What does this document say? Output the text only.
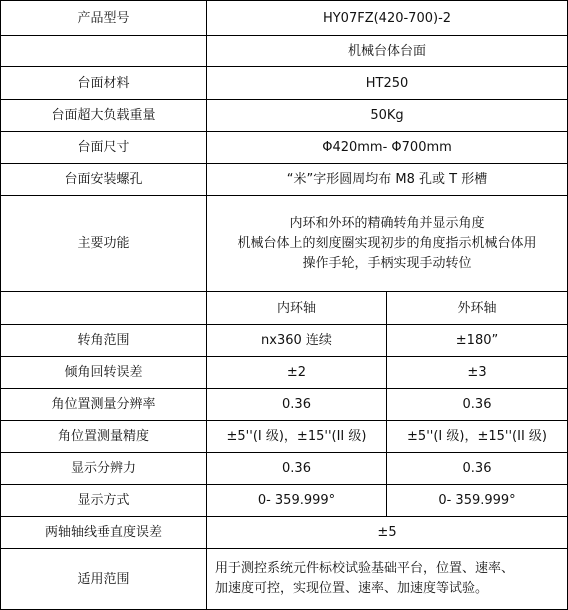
产品型号	HY07FZ(420-700)-2	
	机械台体台面	
台面材料	HT250	
台面超大负载重量	50Kg	
台面尺寸	Φ420mm- Φ700mm	
台面安装螺孔	“米”字形圆周均布 M8 孔或 T 形槽	
主要功能	内环和外环的精确转角并显示角度
机械台体上的刻度圈实现初步的角度指示机械台体用
操作手轮，手柄实现手动转位	

	内环轴	外环轴
转角范围	nx360 连续	±180”
倾角回转误差	±2	±3
角位置测量分辨率	0.36	0.36
角位置测量精度	±5''(I 级)，±15''(II 级)	±5''(I 级)，±15''(II 级)
显示分辨力	0.36	0.36
显示方式	0- 359.999°	0- 359.999°
两轴轴线垂直度误差	±5	
适用范围	用于测控系统元件标校试验基础平台，位置、速率、
加速度可控，实现位置、速率、加速度等试验。	
